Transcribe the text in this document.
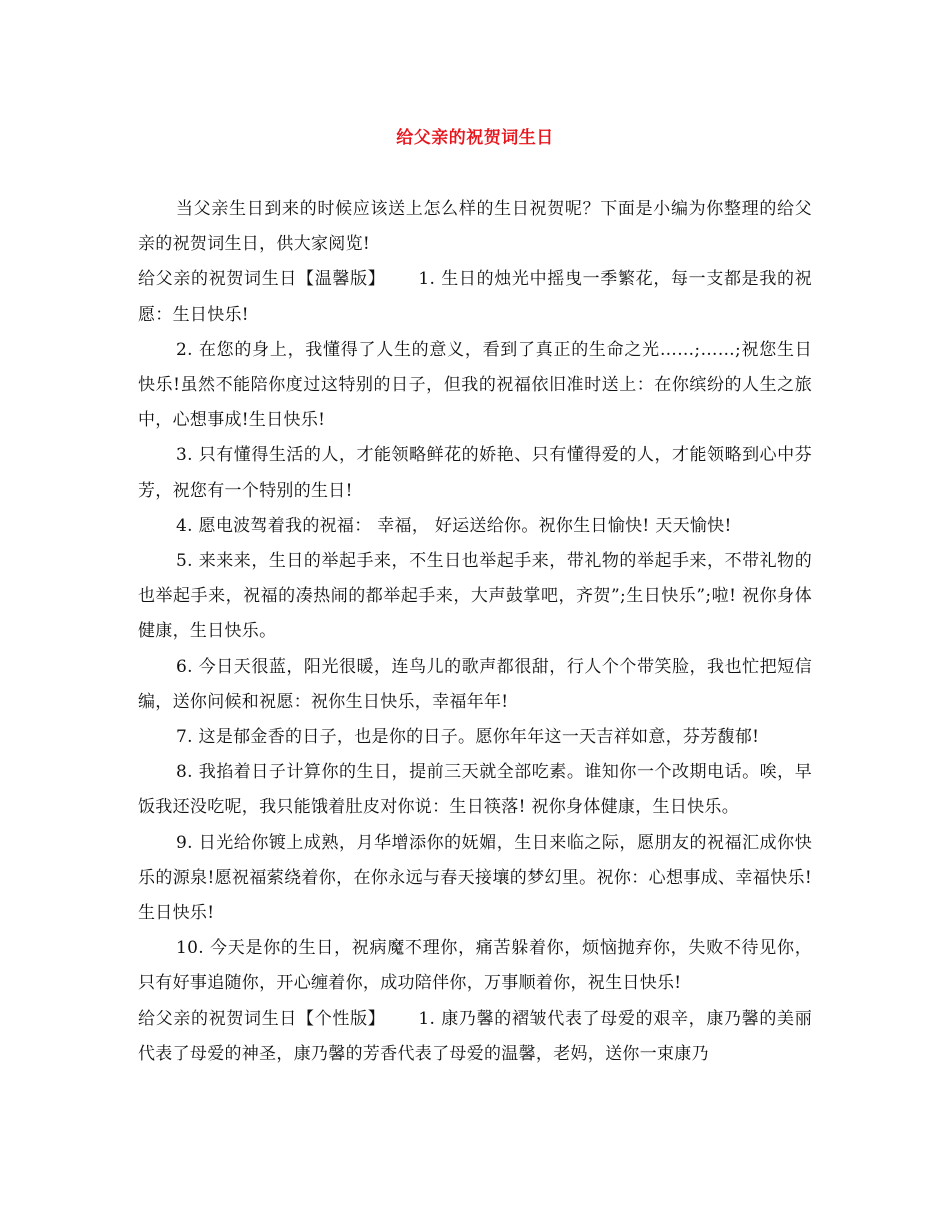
给父亲的祝贺词生日

当父亲生日到来的时候应该送上怎么样的生日祝贺呢？下面是小编为你整理的给父亲的祝贺词生日，供大家阅览!

给父亲的祝贺词生日【温馨版】　　 1. 生日的烛光中摇曳一季繁花，每一支都是我的祝愿：生日快乐!

2. 在您的身上，我懂得了人生的意义，看到了真正的生命之光……;……;祝您生日快乐!虽然不能陪你度过这特别的日子，但我的祝福依旧准时送上：在你缤纷的人生之旅中，心想事成!生日快乐!

3. 只有懂得生活的人，才能领略鲜花的娇艳、只有懂得爱的人，才能领略到心中芬芳，祝您有一个特别的生日!

4. 愿电波驾着我的祝福： 幸福， 好运送给你。祝你生日愉快! 天天愉快!

5. 来来来，生日的举起手来，不生日也举起手来，带礼物的举起手来，不带礼物的也举起手来，祝福的凑热闹的都举起手来，大声鼓掌吧，齐贺”;生日快乐”;啦! 祝你身体健康，生日快乐。

6. 今日天很蓝，阳光很暖，连鸟儿的歌声都很甜，行人个个带笑脸，我也忙把短信编，送你问候和祝愿：祝你生日快乐，幸福年年!

7. 这是郁金香的日子，也是你的日子。愿你年年这一天吉祥如意，芬芳馥郁!

8. 我掐着日子计算你的生日，提前三天就全部吃素。谁知你一个改期电话。唉，早饭我还没吃呢，我只能饿着肚皮对你说：生日筷落! 祝你身体健康，生日快乐。

9. 日光给你镀上成熟，月华增添你的妩媚，生日来临之际，愿朋友的祝福汇成你快乐的源泉!愿祝福萦绕着你，在你永远与春天接壤的梦幻里。祝你：心想事成、幸福快乐!生日快乐!

10. 今天是你的生日，祝病魔不理你，痛苦躲着你，烦恼抛弃你，失败不待见你，只有好事追随你，开心缠着你，成功陪伴你，万事顺着你，祝生日快乐!

给父亲的祝贺词生日【个性版】　　 1. 康乃馨的褶皱代表了母爱的艰辛，康乃馨的美丽代表了母爱的神圣，康乃馨的芳香代表了母爱的温馨，老妈，送你一束康乃
